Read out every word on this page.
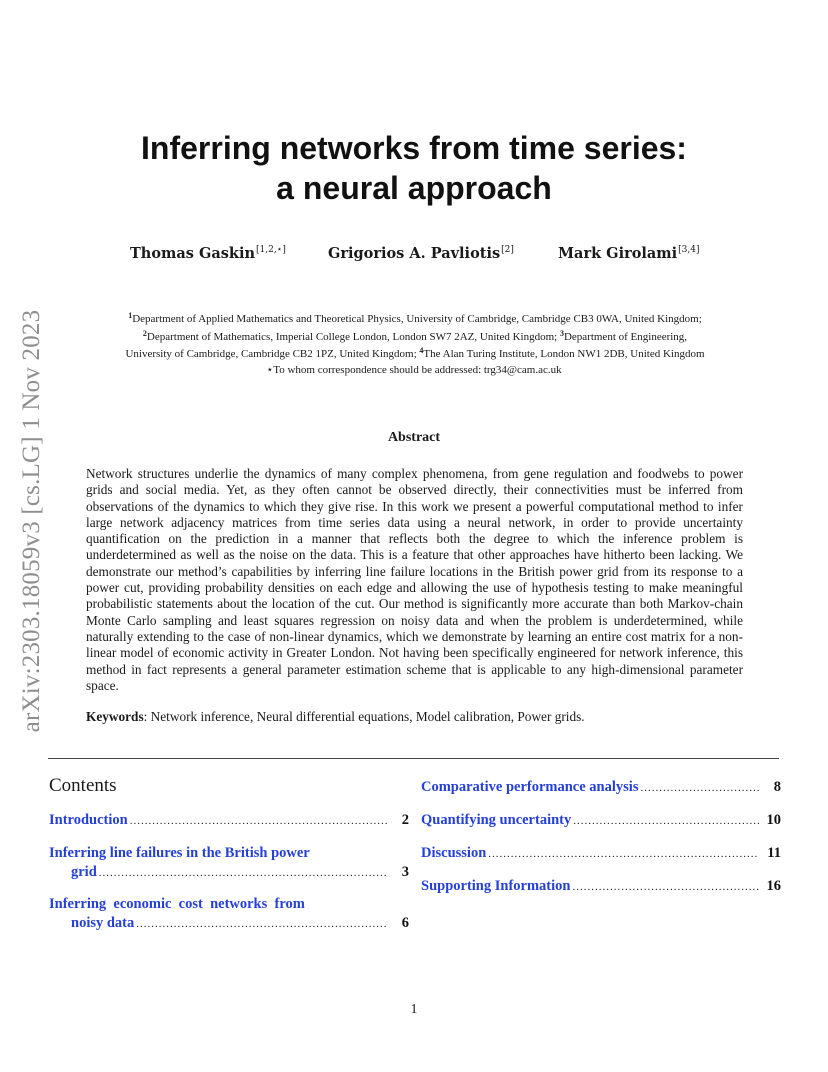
arXiv:2303.18059v3 [cs.LG] 1 Nov 2023
Inferring networks from time series:
a neural approach
Thomas Gaskin[1,2,⋆]	Grigorios A. Pavliotis[2]	Mark Girolami[3,4]
$^1$Department of Applied Mathematics and Theoretical Physics, University of Cambridge, Cambridge CB3 0WA, United Kingdom;
$^2$Department of Mathematics, Imperial College London, London SW7 2AZ, United Kingdom; $^3$Department of Engineering,
University of Cambridge, Cambridge CB2 1PZ, United Kingdom; $^4$The Alan Turing Institute, London NW1 2DB, United Kingdom
⋆To whom correspondence should be addressed: trg34@cam.ac.uk
Abstract
Network structures underlie the dynamics of many complex phenomena, from gene regulation and foodwebs to power grids and social media. Yet, as they often cannot be observed directly, their connectivities must be inferred from observations of the dynamics to which they give rise. In this work we present a powerful computational method to infer large network adjacency matrices from time series data using a neural network, in order to provide uncertainty quantification on the prediction in a manner that reflects both the degree to which the inference problem is underdetermined as well as the noise on the data. This is a feature that other approaches have hitherto been lacking. We demonstrate our method’s capabilities by inferring line failure locations in the British power grid from its response to a power cut, providing probability densities on each edge and allowing the use of hypothesis testing to make meaningful probabilistic statements about the location of the cut. Our method is significantly more accurate than both Markov-chain Monte Carlo sampling and least squares regression on noisy data and when the problem is underdetermined, while naturally extending to the case of non-linear dynamics, which we demonstrate by learning an entire cost matrix for a non-linear model of economic activity in Greater London. Not having been specifically engineered for network inference, this method in fact represents a general parameter estimation scheme that is applicable to any high-dimensional parameter space.
Keywords: Network inference, Neural differential equations, Model calibration, Power grids.
Contents
Introduction .....	2
Inferring line failures in the British power
grid .....	3
Inferring  economic  cost  networks  from
noisy data .....	6
Comparative performance analysis .....	8
Quantifying uncertainty .....	10
Discussion .....	11
Supporting Information .....	16
1
